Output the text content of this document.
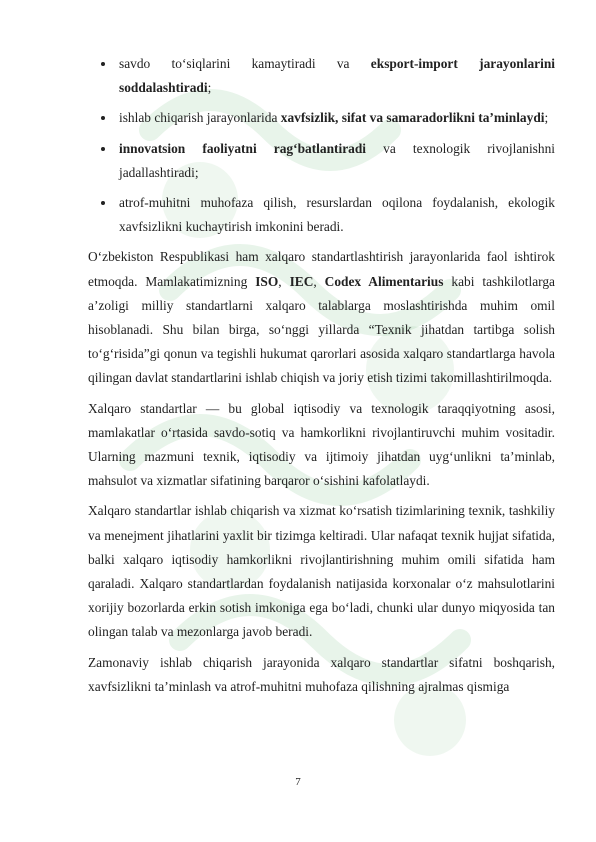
savdo to‘siqlarini kamaytiradi va eksport-import jarayonlarini soddalashtiradi;
ishlab chiqarish jarayonlarida xavfsizlik, sifat va samaradorlikni ta’minlaydi;
innovatsion faoliyatni rag‘batlantiradi va texnologik rivojlanishni jadallashtiradi;
atrof-muhitni muhofaza qilish, resurslardan oqilona foydalanish, ekologik xavfsizlikni kuchaytirish imkonini beradi.

O‘zbekiston Respublikasi ham xalqaro standartlashtirish jarayonlarida faol ishtirok etmoqda. Mamlakatimizning ISO, IEC, Codex Alimentarius kabi tashkilotlarga a’zoligi milliy standartlarni xalqaro talablarga moslashtirishda muhim omil hisoblanadi. Shu bilan birga, so‘nggi yillarda “Texnik jihatdan tartibga solish to‘g‘risida”gi qonun va tegishli hukumat qarorlari asosida xalqaro standartlarga havola qilingan davlat standartlarini ishlab chiqish va joriy etish tizimi takomillashtirilmoqda.

Xalqaro standartlar — bu global iqtisodiy va texnologik taraqqiyotning asosi, mamlakatlar o‘rtasida savdo-sotiq va hamkorlikni rivojlantiruvchi muhim vositadir. Ularning mazmuni texnik, iqtisodiy va ijtimoiy jihatdan uyg‘unlikni ta’minlab, mahsulot va xizmatlar sifatining barqaror o‘sishini kafolatlaydi.

Xalqaro standartlar ishlab chiqarish va xizmat ko‘rsatish tizimlarining texnik, tashkiliy va menejment jihatlarini yaxlit bir tizimga keltiradi. Ular nafaqat texnik hujjat sifatida, balki xalqaro iqtisodiy hamkorlikni rivojlantirishning muhim omili sifatida ham qaraladi. Xalqaro standartlardan foydalanish natijasida korxonalar o‘z mahsulotlarini xorijiy bozorlarda erkin sotish imkoniga ega bo‘ladi, chunki ular dunyo miqyosida tan olingan talab va mezonlarga javob beradi.

Zamonaviy ishlab chiqarish jarayonida xalqaro standartlar sifatni boshqarish, xavfsizlikni ta’minlash va atrof-muhitni muhofaza qilishning ajralmas qismiga

7
